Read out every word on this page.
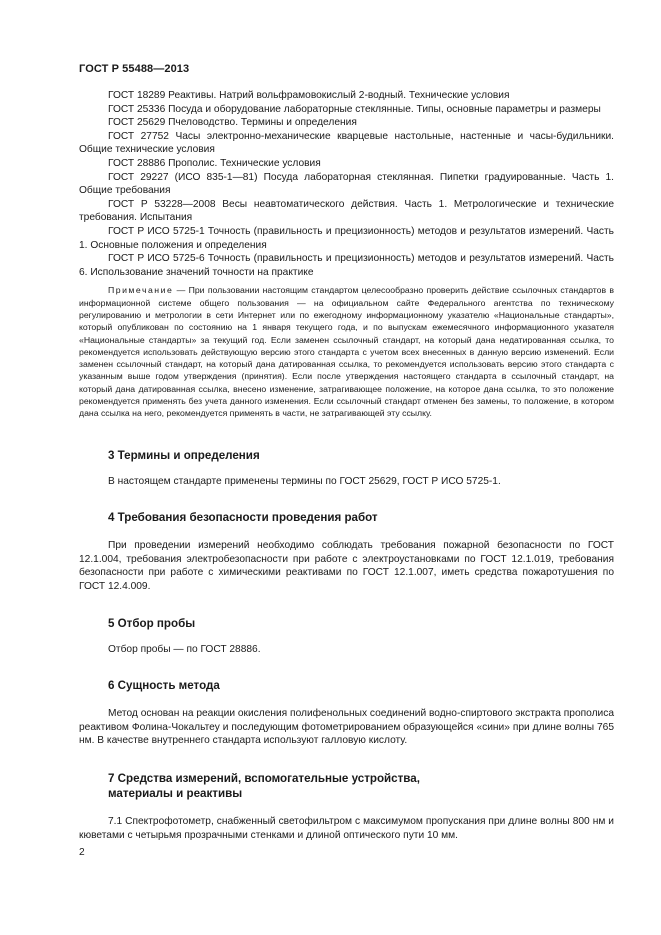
ГОСТ Р 55488—2013

ГОСТ 18289 Реактивы. Натрий вольфрамовокислый 2-водный. Технические условия

ГОСТ 25336 Посуда и оборудование лабораторные стеклянные. Типы, основные параметры и размеры

ГОСТ 25629 Пчеловодство. Термины и определения

ГОСТ 27752 Часы электронно-механические кварцевые настольные, настенные и часы-будильники. Общие технические условия

ГОСТ 28886 Прополис. Технические условия

ГОСТ 29227 (ИСО 835-1—81) Посуда лабораторная стеклянная. Пипетки градуированные. Часть 1. Общие требования

ГОСТ Р 53228—2008 Весы неавтоматического действия. Часть 1. Метрологические и технические требования. Испытания

ГОСТ Р ИСО 5725-1 Точность (правильность и прецизионность) методов и результатов измерений. Часть 1. Основные положения и определения

ГОСТ Р ИСО 5725-6 Точность (правильность и прецизионность) методов и результатов измерений. Часть 6. Использование значений точности на практике

Примечание — При пользовании настоящим стандартом целесообразно проверить действие ссылочных стандартов в информационной системе общего пользования — на официальном сайте Федерального агентства по техническому регулированию и метрологии в сети Интернет или по ежегодному информационному указателю «Национальные стандарты», который опубликован по состоянию на 1 января текущего года, и по выпускам ежемесячного информационного указателя «Национальные стандарты» за текущий год. Если заменен ссылочный стандарт, на который дана недатированная ссылка, то рекомендуется использовать действующую версию этого стандарта с учетом всех внесенных в данную версию изменений. Если заменен ссылочный стандарт, на который дана датированная ссылка, то рекомендуется использовать версию этого стандарта с указанным выше годом утверждения (принятия). Если после утверждения настоящего стандарта в ссылочный стандарт, на который дана датированная ссылка, внесено изменение, затрагивающее положение, на которое дана ссылка, то это положение рекомендуется применять без учета данного изменения. Если ссылочный стандарт отменен без замены, то положение, в котором дана ссылка на него, рекомендуется применять в части, не затрагивающей эту ссылку.

3 Термины и определения

В настоящем стандарте применены термины по ГОСТ 25629, ГОСТ Р ИСО 5725-1.

4 Требования безопасности проведения работ

При проведении измерений необходимо соблюдать требования пожарной безопасности по ГОСТ 12.1.004, требования электробезопасности при работе с электроустановками по ГОСТ 12.1.019, требования безопасности при работе с химическими реактивами по ГОСТ 12.1.007, иметь средства пожаротушения по ГОСТ 12.4.009.

5 Отбор пробы

Отбор пробы — по ГОСТ 28886.

6 Сущность метода

Метод основан на реакции окисления полифенольных соединений водно-спиртового экстракта прополиса реактивом Фолина-Чокальтеу и последующим фотометрированием образующейся «сини» при длине волны 765 нм. В качестве внутреннего стандарта используют галловую кислоту.

7 Средства измерений, вспомогательные устройства,
материалы и реактивы

7.1 Спектрофотометр, снабженный светофильтром с максимумом пропускания при длине волны 800 нм и кюветами с четырьмя прозрачными стенками и длиной оптического пути 10 мм.

2
